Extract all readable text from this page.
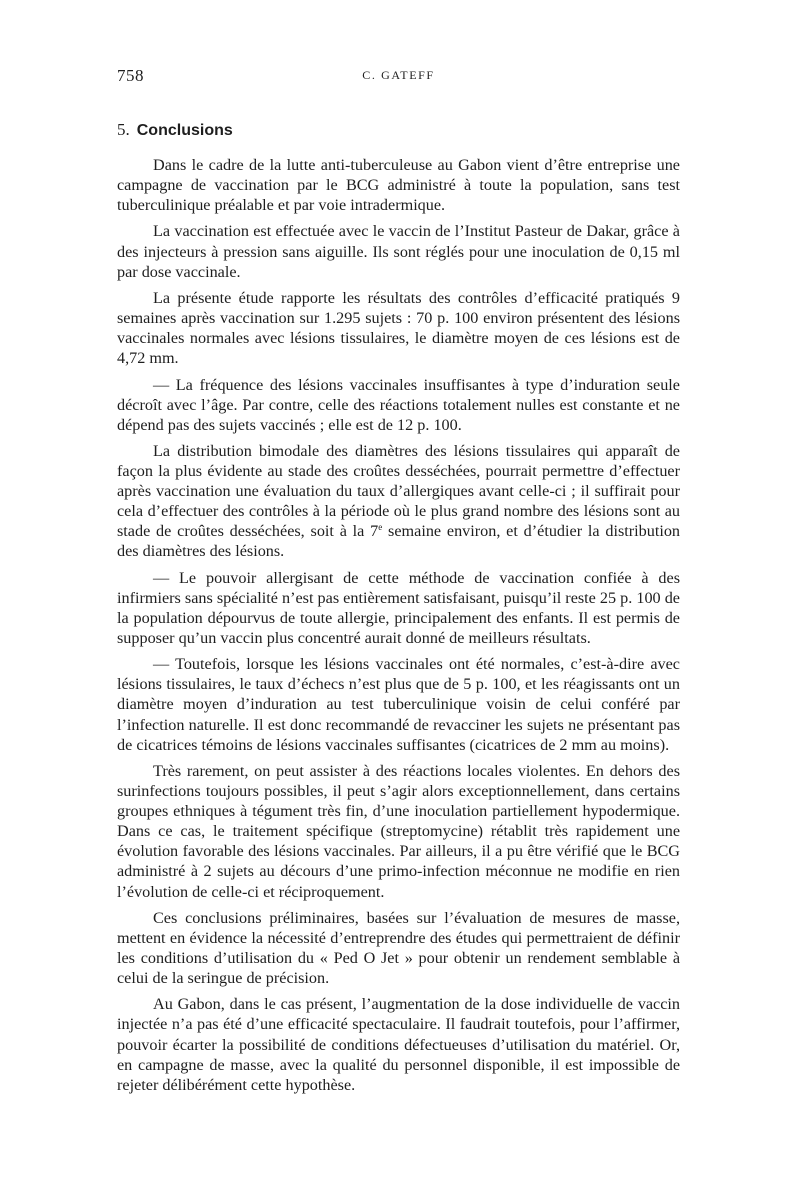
758	C. GATEFF
5. Conclusions

Dans le cadre de la lutte anti-tuberculeuse au Gabon vient d’être entreprise une campagne de vaccination par le BCG administré à toute la population, sans test tuberculinique préalable et par voie intradermique.

La vaccination est effectuée avec le vaccin de l’Institut Pasteur de Dakar, grâce à des injecteurs à pression sans aiguille. Ils sont réglés pour une inoculation de 0,15 ml par dose vaccinale.

La présente étude rapporte les résultats des contrôles d’efficacité pratiqués 9 semaines après vaccination sur 1.295 sujets : 70 p. 100 environ présentent des lésions vaccinales normales avec lésions tissulaires, le diamètre moyen de ces lésions est de 4,72 mm.

— La fréquence des lésions vaccinales insuffisantes à type d’induration seule décroît avec l’âge. Par contre, celle des réactions totalement nulles est constante et ne dépend pas des sujets vaccinés ; elle est de 12 p. 100.

La distribution bimodale des diamètres des lésions tissulaires qui apparaît de façon la plus évidente au stade des croûtes desséchées, pourrait permettre d’effectuer après vaccination une évaluation du taux d’allergiques avant celle-ci ; il suffirait pour cela d’effectuer des contrôles à la période où le plus grand nombre des lésions sont au stade de croûtes desséchées, soit à la 7e semaine environ, et d’étudier la distribution des diamètres des lésions.

— Le pouvoir allergisant de cette méthode de vaccination confiée à des infirmiers sans spécialité n’est pas entièrement satisfaisant, puisqu’il reste 25 p. 100 de la population dépourvus de toute allergie, principalement des enfants. Il est permis de supposer qu’un vaccin plus concentré aurait donné de meilleurs résultats.

— Toutefois, lorsque les lésions vaccinales ont été normales, c’est-à-dire avec lésions tissulaires, le taux d’échecs n’est plus que de 5 p. 100, et les réagissants ont un diamètre moyen d’induration au test tuberculinique voisin de celui conféré par l’infection naturelle. Il est donc recommandé de revacciner les sujets ne présentant pas de cicatrices témoins de lésions vaccinales suffisantes (cicatrices de 2 mm au moins).

Très rarement, on peut assister à des réactions locales violentes. En dehors des surinfections toujours possibles, il peut s’agir alors exceptionnellement, dans certains groupes ethniques à tégument très fin, d’une inoculation partiellement hypodermique. Dans ce cas, le traitement spécifique (streptomycine) rétablit très rapidement une évolution favorable des lésions vaccinales. Par ailleurs, il a pu être vérifié que le BCG administré à 2 sujets au décours d’une primo-infection méconnue ne modifie en rien l’évolution de celle-ci et réciproquement.

Ces conclusions préliminaires, basées sur l’évaluation de mesures de masse, mettent en évidence la nécessité d’entreprendre des études qui permettraient de définir les conditions d’utilisation du « Ped O Jet » pour obtenir un rendement semblable à celui de la seringue de précision.

Au Gabon, dans le cas présent, l’augmentation de la dose individuelle de vaccin injectée n’a pas été d’une efficacité spectaculaire. Il faudrait toutefois, pour l’affirmer, pouvoir écarter la possibilité de conditions défectueuses d’utilisation du matériel. Or, en campagne de masse, avec la qualité du personnel disponible, il est impossible de rejeter délibérément cette hypothèse.
